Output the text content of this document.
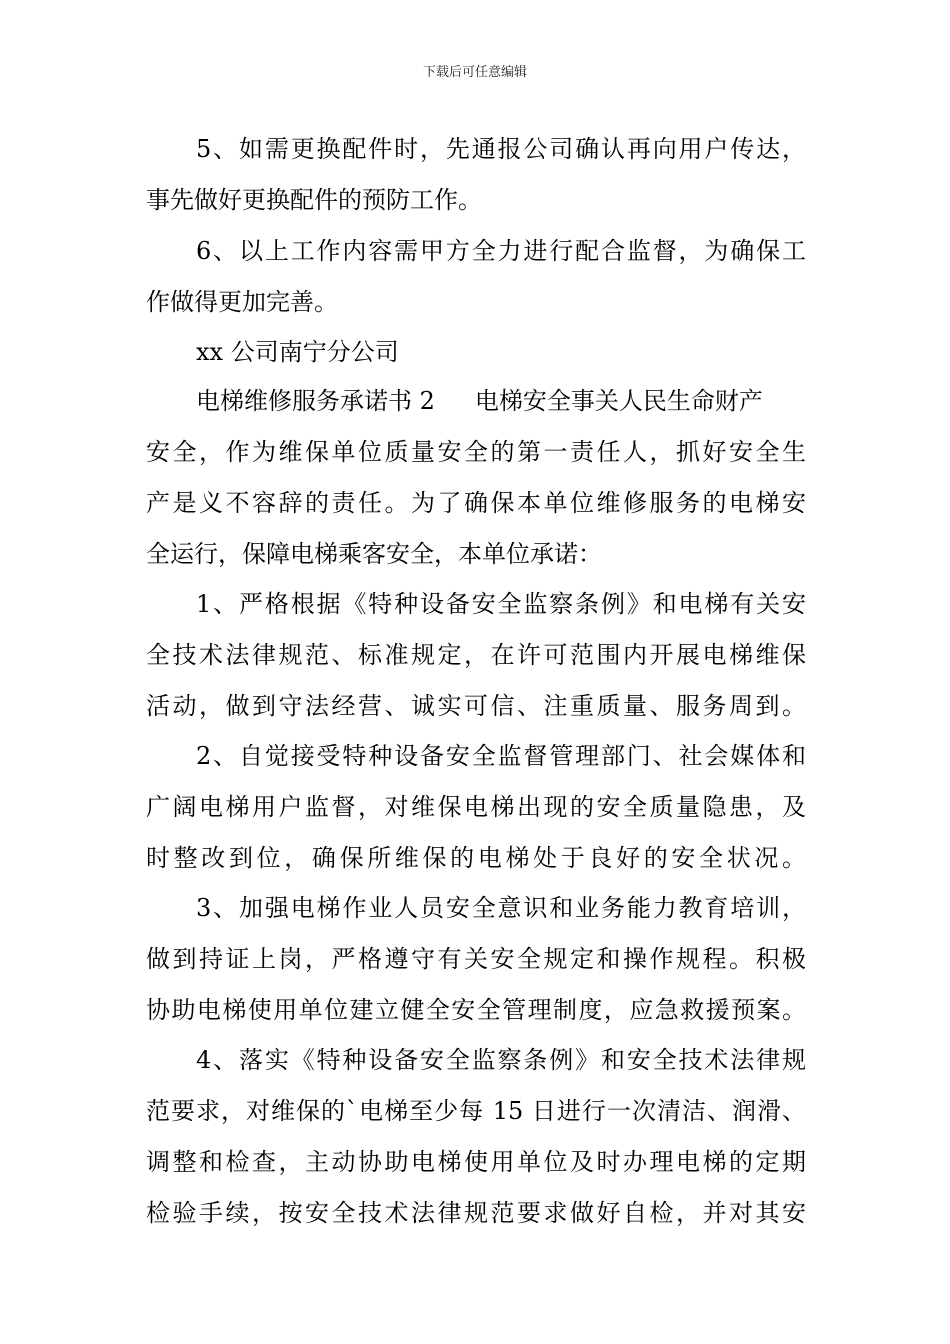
下载后可任意编辑
5、如需更换配件时，先通报公司确认再向用户传达，
事先做好更换配件的预防工作。
6、以上工作内容需甲方全力进行配合监督，为确保工
作做得更加完善。
xx 公司南宁分公司
电梯维修服务承诺书 2 电梯安全事关人民生命财产
安全，作为维保单位质量安全的第一责任人，抓好安全生
产是义不容辞的责任。为了确保本单位维修服务的电梯安
全运行，保障电梯乘客安全，本单位承诺：
1、严格根据《特种设备安全监察条例》和电梯有关安
全技术法律规范、标准规定，在许可范围内开展电梯维保
活动，做到守法经营、诚实可信、注重质量、服务周到。
2、自觉接受特种设备安全监督管理部门、社会媒体和
广阔电梯用户监督，对维保电梯出现的安全质量隐患，及
时整改到位，确保所维保的电梯处于良好的安全状况。
3、加强电梯作业人员安全意识和业务能力教育培训，
做到持证上岗，严格遵守有关安全规定和操作规程。积极
协助电梯使用单位建立健全安全管理制度，应急救援预案。
4、落实《特种设备安全监察条例》和安全技术法律规
范要求，对维保的`电梯至少每 15 日进行一次清洁、润滑、
调整和检查，主动协助电梯使用单位及时办理电梯的定期
检验手续，按安全技术法律规范要求做好自检，并对其安
